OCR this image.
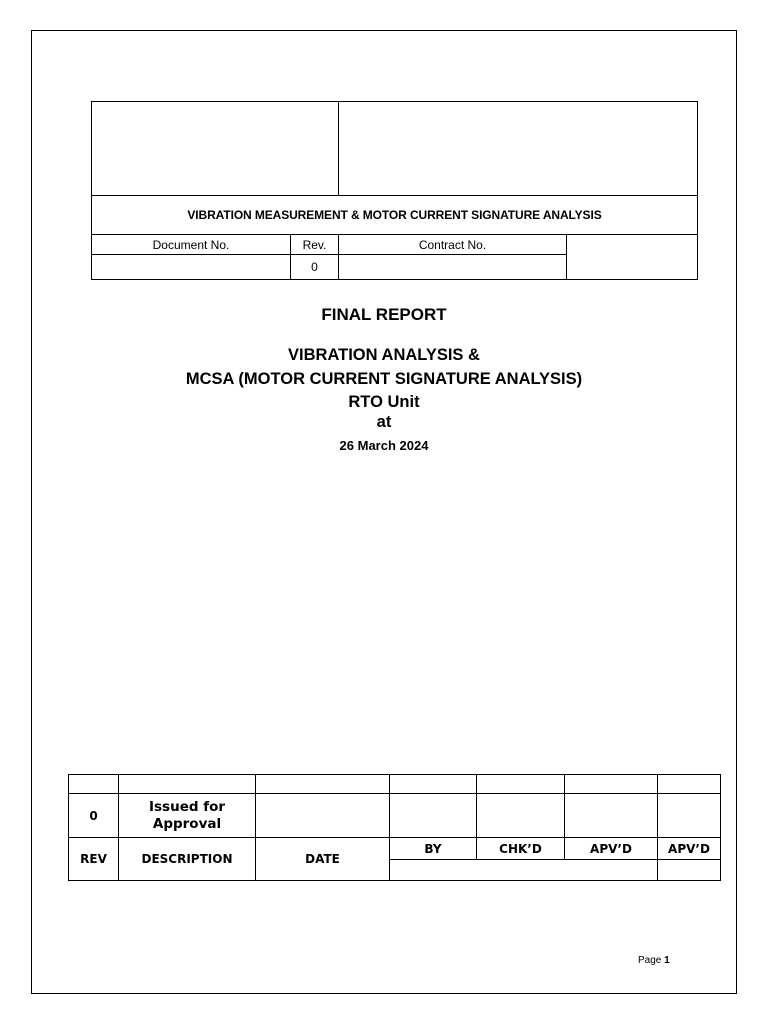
VIBRATION MEASUREMENT & MOTOR CURRENT SIGNATURE ANALYSIS			
Document No.	Rev.	Contract No.	
	0		
FINAL REPORT
VIBRATION ANALYSIS &
MCSA (MOTOR CURRENT SIGNATURE ANALYSIS)
RTO Unit
at
26 March 2024

0	Issued for
Approval					

REV	DESCRIPTION	DATE	BY	CHK’D	APV’D	APV’D

Page 1
